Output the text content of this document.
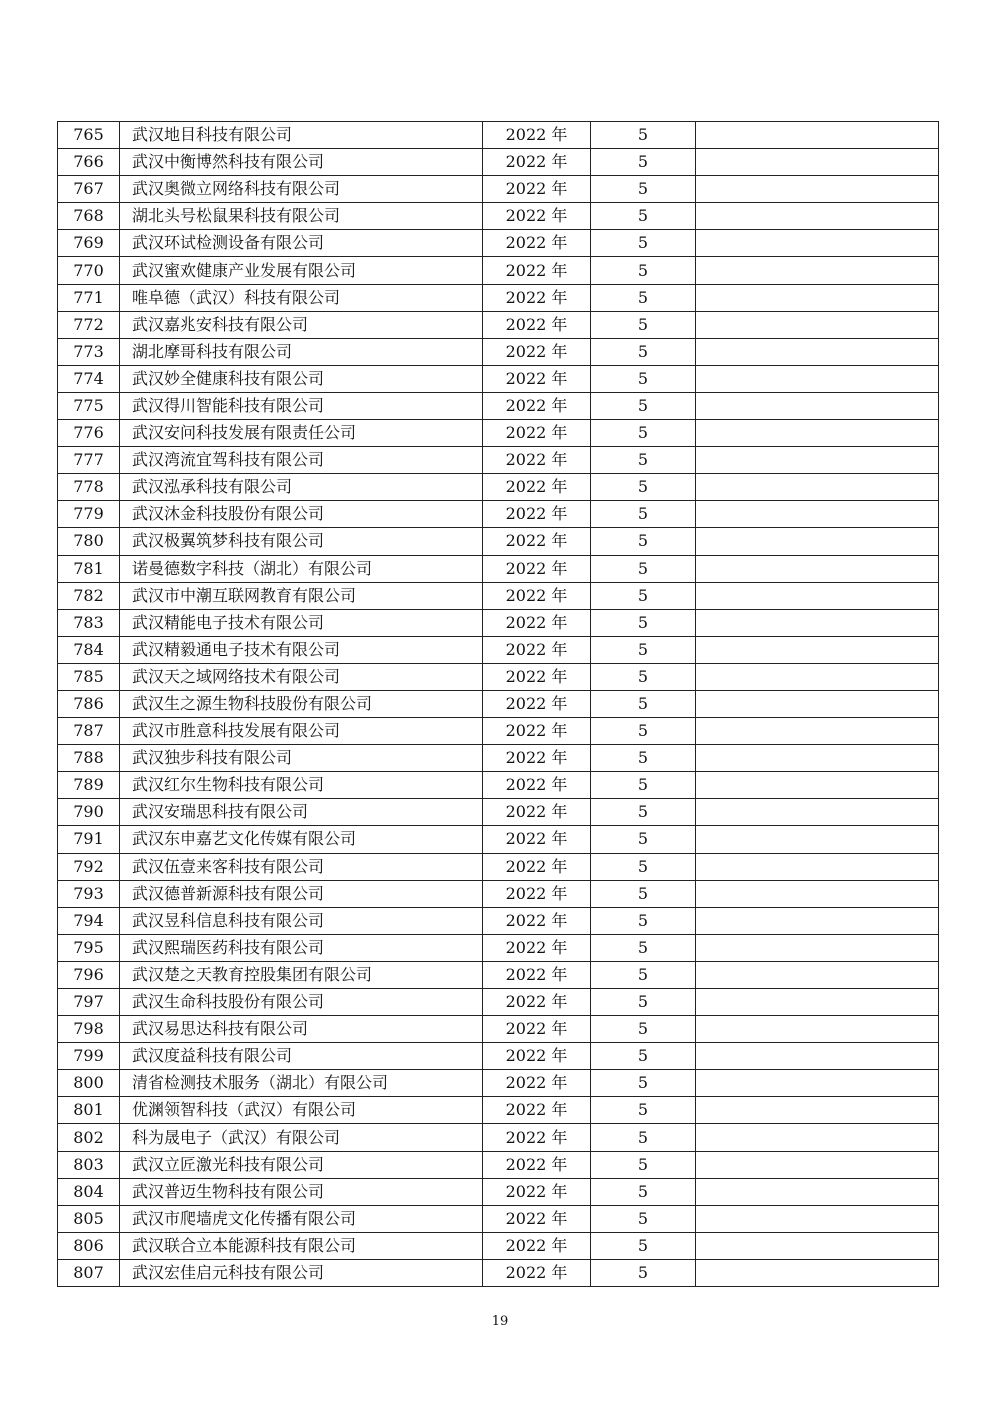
765	武汉地目科技有限公司	2022 年	5	
766	武汉中衡博然科技有限公司	2022 年	5	
767	武汉奥微立网络科技有限公司	2022 年	5	
768	湖北头号松鼠果科技有限公司	2022 年	5	
769	武汉环试检测设备有限公司	2022 年	5	
770	武汉蜜欢健康产业发展有限公司	2022 年	5	
771	唯阜德（武汉）科技有限公司	2022 年	5	
772	武汉嘉兆安科技有限公司	2022 年	5	
773	湖北摩哥科技有限公司	2022 年	5	
774	武汉妙全健康科技有限公司	2022 年	5	
775	武汉得川智能科技有限公司	2022 年	5	
776	武汉安问科技发展有限责任公司	2022 年	5	
777	武汉湾流宜驾科技有限公司	2022 年	5	
778	武汉泓承科技有限公司	2022 年	5	
779	武汉沐金科技股份有限公司	2022 年	5	
780	武汉极翼筑梦科技有限公司	2022 年	5	
781	诺曼德数字科技（湖北）有限公司	2022 年	5	
782	武汉市中潮互联网教育有限公司	2022 年	5	
783	武汉精能电子技术有限公司	2022 年	5	
784	武汉精毅通电子技术有限公司	2022 年	5	
785	武汉天之域网络技术有限公司	2022 年	5	
786	武汉生之源生物科技股份有限公司	2022 年	5	
787	武汉市胜意科技发展有限公司	2022 年	5	
788	武汉独步科技有限公司	2022 年	5	
789	武汉红尔生物科技有限公司	2022 年	5	
790	武汉安瑞思科技有限公司	2022 年	5	
791	武汉东申嘉艺文化传媒有限公司	2022 年	5	
792	武汉伍壹来客科技有限公司	2022 年	5	
793	武汉德普新源科技有限公司	2022 年	5	
794	武汉昱科信息科技有限公司	2022 年	5	
795	武汉熙瑞医药科技有限公司	2022 年	5	
796	武汉楚之天教育控股集团有限公司	2022 年	5	
797	武汉生命科技股份有限公司	2022 年	5	
798	武汉易思达科技有限公司	2022 年	5	
799	武汉度益科技有限公司	2022 年	5	
800	清省检测技术服务（湖北）有限公司	2022 年	5	
801	优渊领智科技（武汉）有限公司	2022 年	5	
802	科为晟电子（武汉）有限公司	2022 年	5	
803	武汉立匠激光科技有限公司	2022 年	5	
804	武汉普迈生物科技有限公司	2022 年	5	
805	武汉市爬墙虎文化传播有限公司	2022 年	5	
806	武汉联合立本能源科技有限公司	2022 年	5	
807	武汉宏佳启元科技有限公司	2022 年	5	
19
